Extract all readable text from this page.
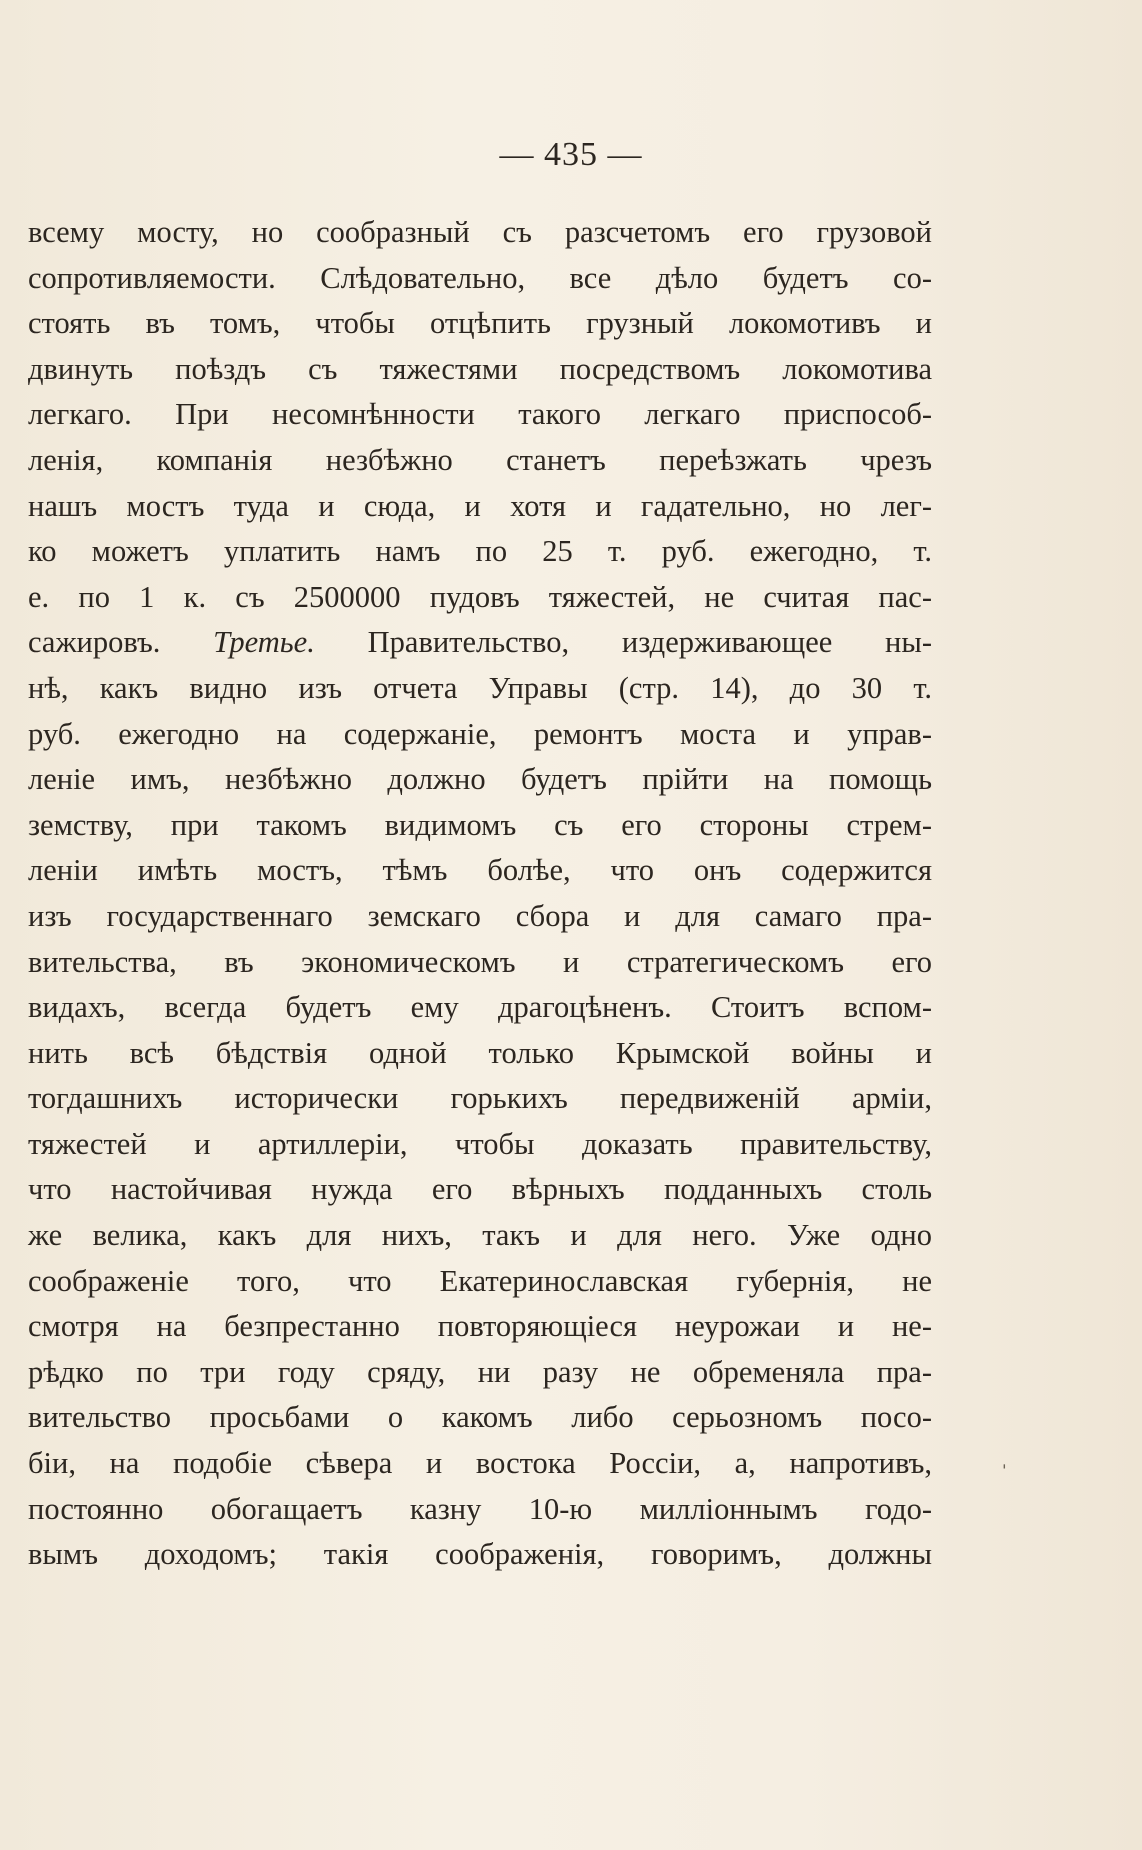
— 435 —
всему мосту, но сообразный съ разсчетомъ его грузовой
сопротивляемости. Слѣдовательно, все дѣло будетъ со-
стоять въ томъ, чтобы отцѣпить грузный локомотивъ и
двинуть поѣздъ съ тяжестями посредствомъ локомотива
легкаго. При несомнѣнности такого легкаго приспособ-
ленія, компанія незбѣжно станетъ переѣзжать чрезъ
нашъ мостъ туда и сюда, и хотя и гадательно, но лег-
ко можетъ уплатить намъ по 25 т. руб. ежегодно, т.
е. по 1 к. съ 2500000 пудовъ тяжестей, не считая пас-
сажировъ. Третье. Правительство, издерживающее ны-
нѣ, какъ видно изъ отчета Управы (стр. 14), до 30 т.
руб. ежегодно на содержаніе, ремонтъ моста и управ-
леніе имъ, незбѣжно должно будетъ прійти на помощь
земству, при такомъ видимомъ съ его стороны стрем-
леніи имѣть мостъ, тѣмъ болѣе, что онъ содержится
изъ государственнаго земскаго сбора и для самаго пра-
вительства, въ экономическомъ и стратегическомъ его
видахъ, всегда будетъ ему драгоцѣненъ. Стоитъ вспом-
нить всѣ бѣдствія одной только Крымской войны и
тогдашнихъ исторически горькихъ передвиженій арміи,
тяжестей и артиллеріи, чтобы доказать правительству,
что настойчивая нужда его вѣрныхъ подданныхъ столь
же велика, какъ для нихъ, такъ и для него. Уже одно
соображеніе того, что Екатеринославская губернія, не
смотря на безпрестанно повторяющіеся неурожаи и не-
рѣдко по три году сряду, ни разу не обременяла пра-
вительство просьбами о какомъ либо серьозномъ посо-
біи, на подобіе сѣвера и востока Россіи, а, напротивъ,
постоянно обогащаетъ казну 10-ю милліоннымъ годо-
вымъ доходомъ; такія соображенія, говоримъ, должны
ˌ
